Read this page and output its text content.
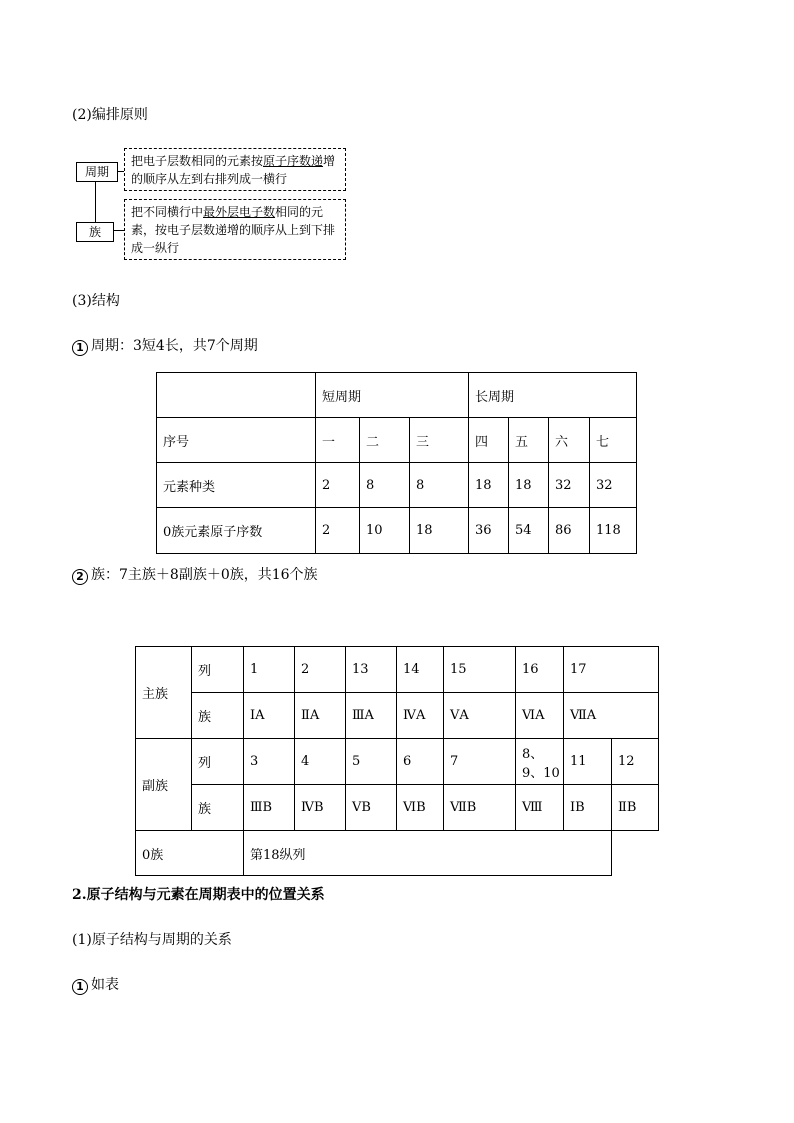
(2)编排原则
周期
族
把电子层数相同的元素按原子序数递增的顺序从左到右排列成一横行
把不同横行中最外层电子数相同的元素，按电子层数递增的顺序从上到下排成一纵行
(3)结构
1 周期：3短4长，共7个周期
	短周期			长周期			
序号	一	二	三	四	五	六	七
元素种类	2	8	8	18	18	32	32
0族元素原子序数	2	10	18	36	54	86	118
2 族：7主族＋8副族＋0族，共16个族
主族	列	1	2	13	14	15	16	17	
	族	ⅠA	ⅡA	ⅢA	ⅣA	ⅤA	ⅥA	ⅦA	
副族	列	3	4	5	6	7	8、9、10	11	12
	族	ⅢB	ⅣB	ⅤB	ⅥB	ⅦB	Ⅷ	ⅠB	ⅡB
0族		第18纵列							
2.原子结构与元素在周期表中的位置关系
(1)原子结构与周期的关系
1 如表
